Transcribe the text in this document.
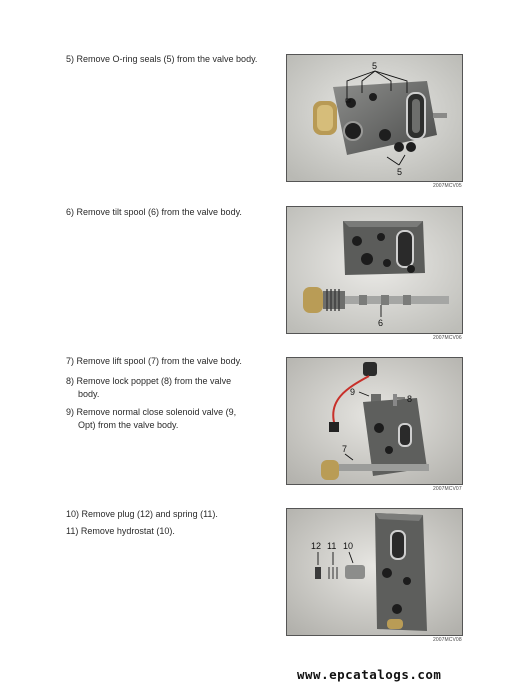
5) Remove O-ring seals (5) from the valve body.
6) Remove tilt spool (6) from the valve body.
7) Remove lift spool (7) from the valve body.
8) Remove lock poppet (8) from the valve
body.
9) Remove normal close solenoid valve (9,
Opt) from the valve body.
10) Remove plug (12) and spring (11).
11) Remove hydrostat (10).
5
5
2007MCV05
6
2007MCV06
9
8
7
2007MCV07
12 11 10
2007MCV08
www.epcatalogs.com
